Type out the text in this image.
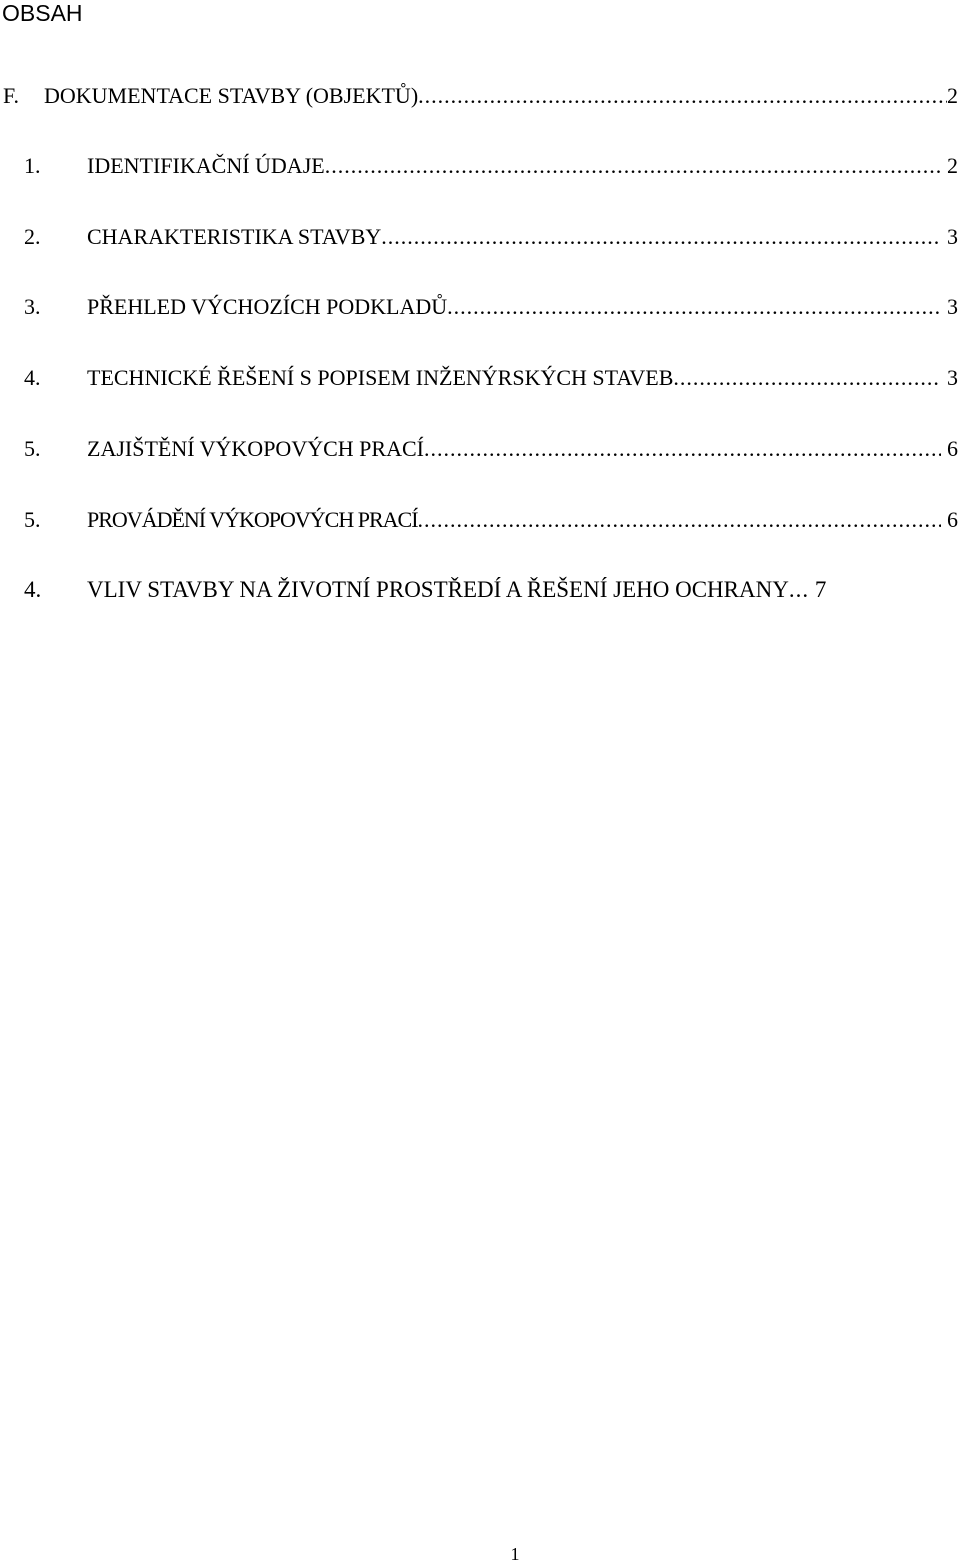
OBSAH
F. DOKUMENTACE STAVBY (OBJEKTŮ) .....	2
1. IDENTIFIKAČNÍ ÚDAJE .....	2
2. CHARAKTERISTIKA STAVBY .....	3
3. PŘEHLED VÝCHOZÍCH PODKLADŮ .....	3
4. TECHNICKÉ ŘEŠENÍ S POPISEM INŽENÝRSKÝCH STAVEB .....	3
5. ZAJIŠTĚNÍ VÝKOPOVÝCH PRACÍ .....	6
5. PROVÁDĚNÍ VÝKOPOVÝCH PRACÍ .....	6
4. VLIV STAVBY NA ŽIVOTNÍ PROSTŘEDÍ A ŘEŠENÍ JEHO OCHRANY ..... 7
1
